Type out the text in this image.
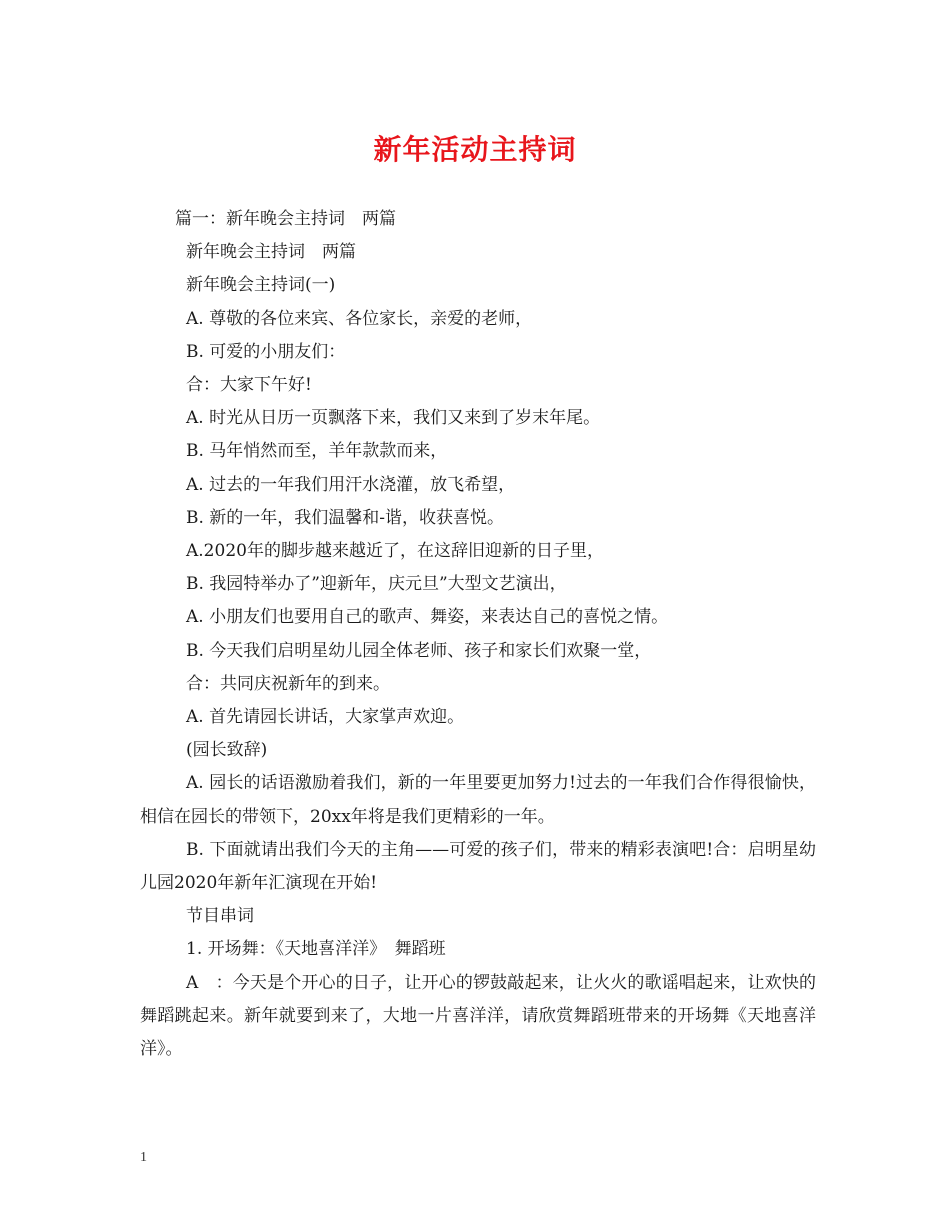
新年活动主持词
篇一：新年晚会主持词　两篇
新年晚会主持词　两篇
新年晚会主持词(一)
A. 尊敬的各位来宾、各位家长，亲爱的老师，
B. 可爱的小朋友们：
合：大家下午好!
A. 时光从日历一页飘落下来，我们又来到了岁末年尾。
B. 马年悄然而至，羊年款款而来，
A. 过去的一年我们用汗水浇灌，放飞希望，
B. 新的一年，我们温馨和-谐，收获喜悦。
A.2020年的脚步越来越近了，在这辞旧迎新的日子里，
B. 我园特举办了”迎新年，庆元旦”大型文艺演出，
A. 小朋友们也要用自己的歌声、舞姿，来表达自己的喜悦之情。
B. 今天我们启明星幼儿园全体老师、孩子和家长们欢聚一堂，
合：共同庆祝新年的到来。
A. 首先请园长讲话，大家掌声欢迎。
(园长致辞)
A. 园长的话语激励着我们，新的一年里要更加努力!过去的一年我们合作得很愉快，相信在园长的带领下，20xx年将是我们更精彩的一年。
B. 下面就请出我们今天的主角——可爱的孩子们，带来的精彩表演吧!合：启明星幼儿园2020年新年汇演现在开始!
节目串词
1. 开场舞：《天地喜洋洋》　舞蹈班
A　：今天是个开心的日子，让开心的锣鼓敲起来，让火火的歌谣唱起来，让欢快的舞蹈跳起来。新年就要到来了，大地一片喜洋洋，请欣赏舞蹈班带来的开场舞《天地喜洋洋》。
1
